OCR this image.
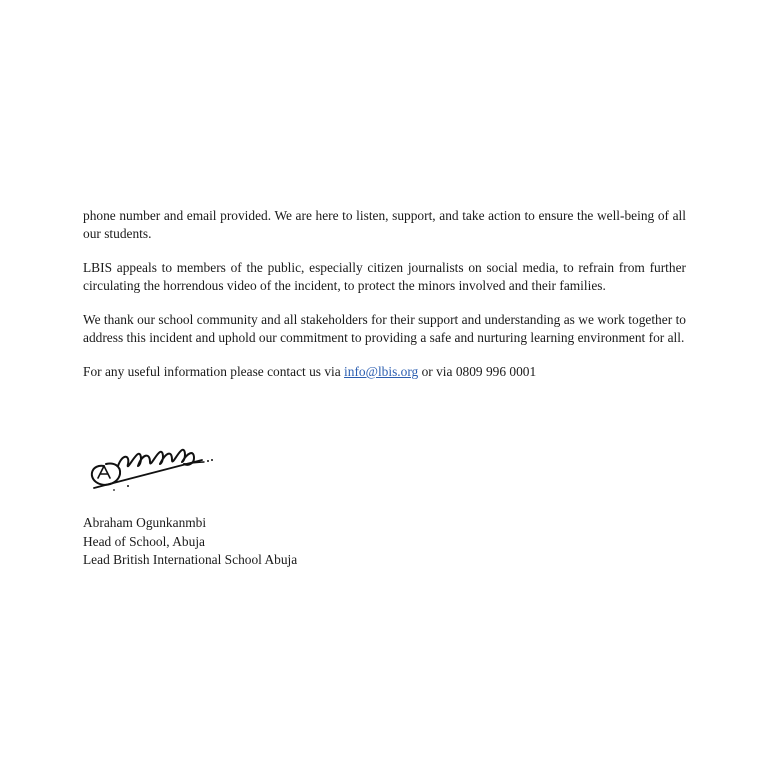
phone number and email provided. We are here to listen, support, and take action to ensure the well-being of all our students.

LBIS appeals to members of the public, especially citizen journalists on social media, to refrain from further circulating the horrendous video of the incident, to protect the minors involved and their families.

We thank our school community and all stakeholders for their support and understanding as we work together to address this incident and uphold our commitment to providing a safe and nurturing learning environment for all.

For any useful information please contact us via info@lbis.org or via 0809 996 0001

Abraham Ogunkanmbi
Head of School, Abuja
Lead British International School Abuja
